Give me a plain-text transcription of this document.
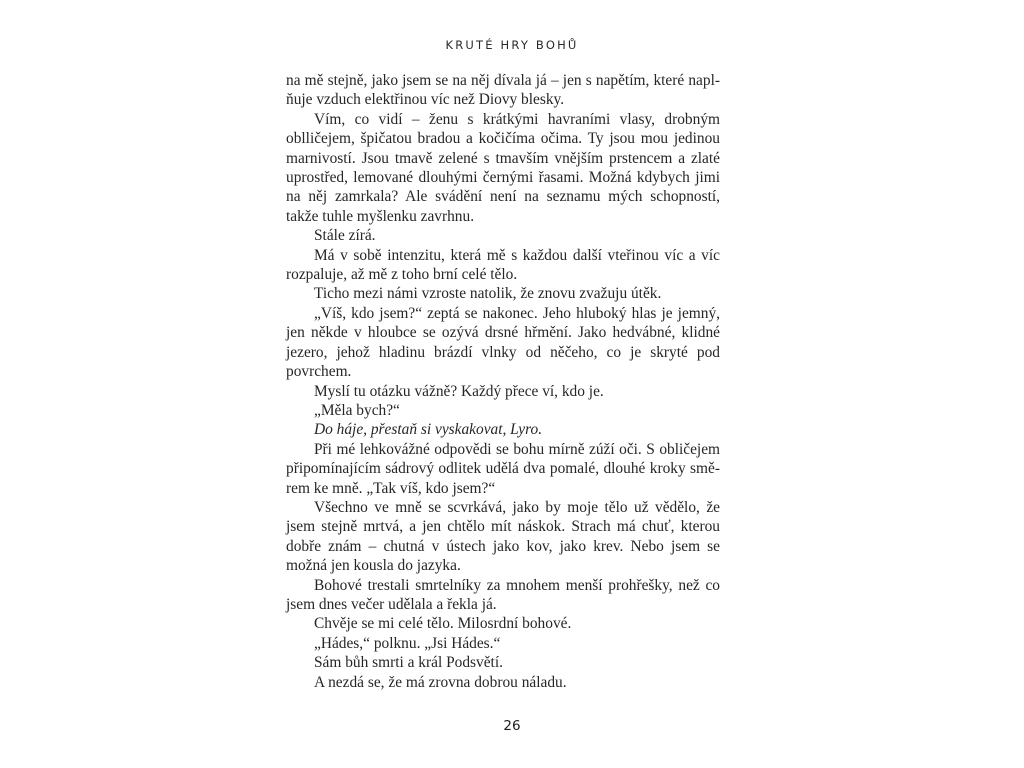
KRUTÉ HRY BOHŮ

na mě stejně, jako jsem se na něj dívala já – jen s napětím, které naplňuje vzduch elektřinou víc než Diovy blesky.

Vím, co vidí – ženu s krátkými havraními vlasy, drobným oblličejem, špičatou bradou a kočičíma očima. Ty jsou mou jedinou marnivostí. Jsou tmavě zelené s tmavším vnějším prstencem a zlaté uprostřed, lemované dlouhými černými řasami. Možná kdybych jimi na něj zamrkala? Ale svádění není na seznamu mých schopností, takže tuhle myšlenku zavrhnu.

Stále zírá.

Má v sobě intenzitu, která mě s každou další vteřinou víc a víc rozpaluje, až mě z toho brní celé tělo.

Ticho mezi námi vzroste natolik, že znovu zvažuju útěk.

„Víš, kdo jsem?“ zeptá se nakonec. Jeho hluboký hlas je jemný, jen někde v hloubce se ozývá drsné hřmění. Jako hedvábné, klidné jezero, jehož hladinu brázdí vlnky od něčeho, co je skryté pod povrchem.

Myslí tu otázku vážně? Každý přece ví, kdo je.

„Měla bych?“

Do háje, přestaň si vyskakovat, Lyro.

Při mé lehkovážné odpovědi se bohu mírně zúží oči. S obličejem připomínajícím sádrový odlitek udělá dva pomalé, dlouhé kroky směrem ke mně. „Tak víš, kdo jsem?“

Všechno ve mně se scvrkává, jako by moje tělo už vědělo, že jsem stejně mrtvá, a jen chtělo mít náskok. Strach má chuť, kterou dobře znám – chutná v ústech jako kov, jako krev. Nebo jsem se možná jen kousla do jazyka.

Bohové trestali smrtelníky za mnohem menší prohřešky, než co jsem dnes večer udělala a řekla já.

Chvěje se mi celé tělo. Milosrdní bohové.

„Hádes,“ polknu. „Jsi Hádes.“

Sám bůh smrti a král Podsvětí.

A nezdá se, že má zrovna dobrou náladu.

26
